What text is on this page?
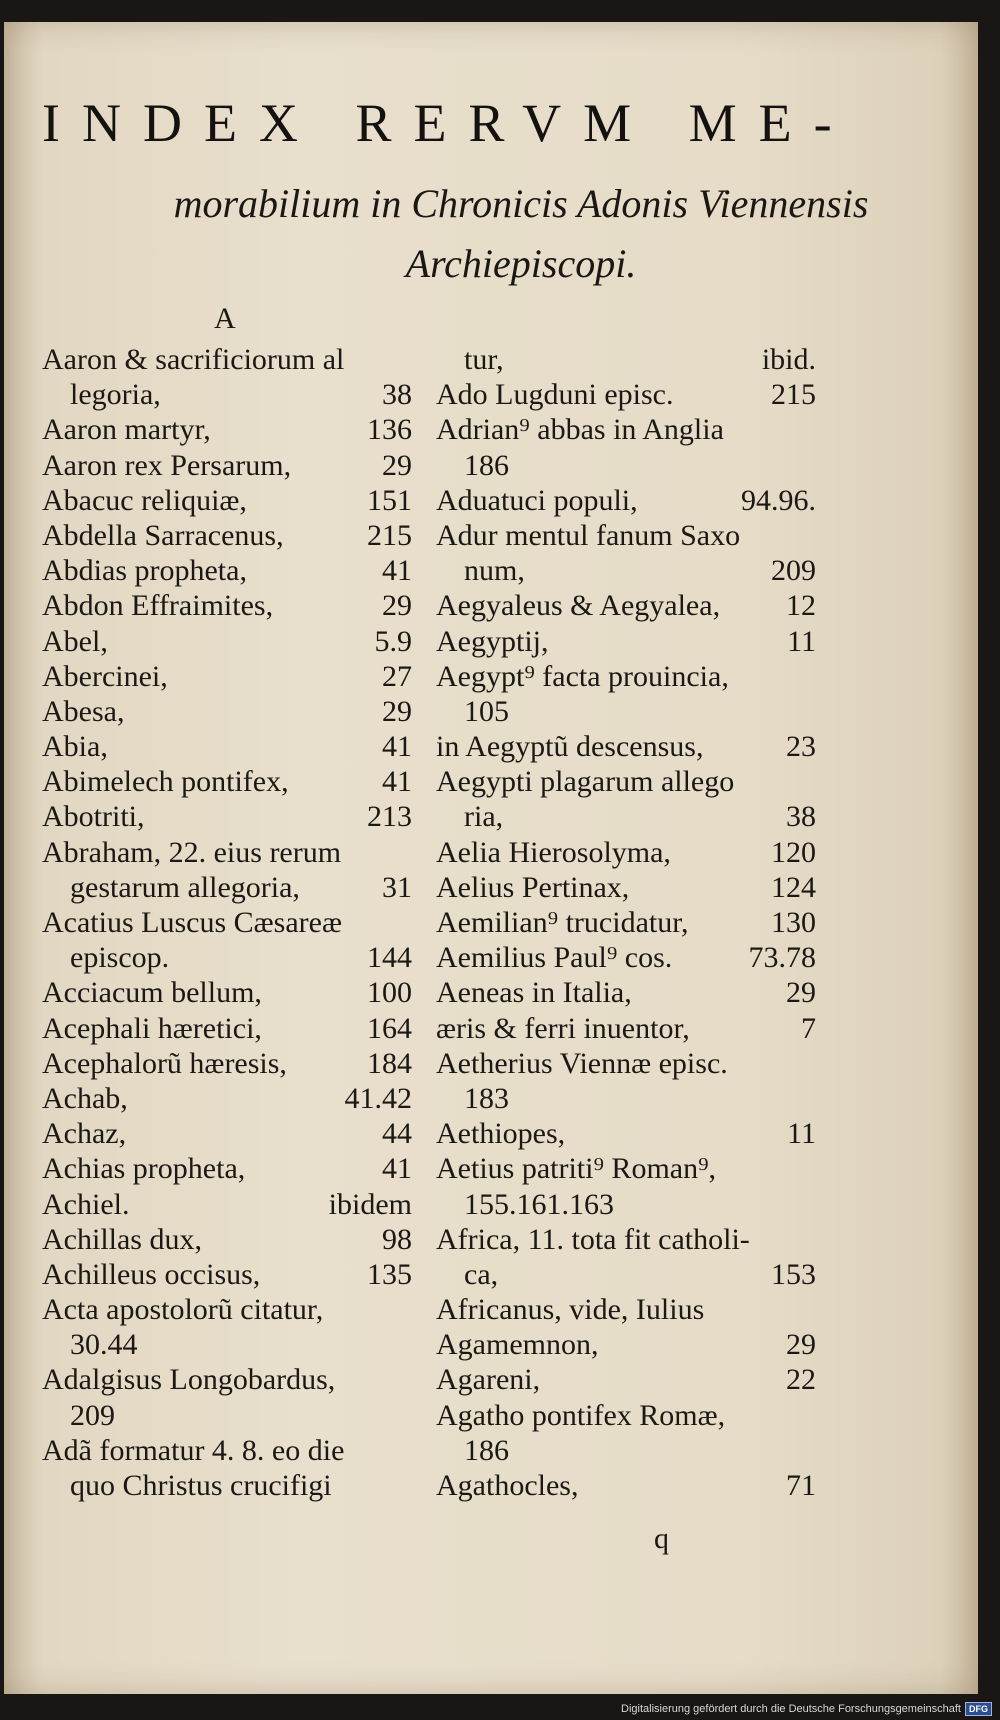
INDEX RERVM ME-
morabilium in Chronicis Adonis Viennensis Archiepiscopi.
A
Aaron & sacrificiorum al
legoria,	38
Aaron martyr,	136
Aaron rex Persarum,	29
Abacuc reliquiæ,	151
Abdella Sarracenus,	215
Abdias propheta,	41
Abdon Effraimites,	29
Abel,	5.9
Abercinei,	27
Abesa,	29
Abia,	41
Abimelech pontifex,	41
Abotriti,	213
Abraham, 22. eius rerum
gestarum allegoria,	31
Acatius Luscus Cæsareæ
episcop.	144
Acciacum bellum,	100
Acephali hæretici,	164
Acephalorũ hæresis,	184
Achab,	41.42
Achaz,	44
Achias propheta,	41
Achiel.	ibidem
Achillas dux,	98
Achilleus occisus,	135
Acta apostolorũ citatur,
30.44
Adalgisus Longobardus,
209
Adã formatur 4. 8. eo die
quo Christus crucifigi
tur,	ibid.
Ado Lugduni episc.	215
Adrian⁹ abbas in Anglia
186
Aduatuci populi,	94.96.
Adur mentul fanum Saxo
num,	209
Aegyaleus & Aegyalea,	12
Aegyptij,	11
Aegypt⁹ facta prouincia,
105
in Aegyptũ descensus,	23
Aegypti plagarum allego
ria,	38
Aelia Hierosolyma,	120
Aelius Pertinax,	124
Aemilian⁹ trucidatur,	130
Aemilius Paul⁹ cos.	73.78
Aeneas in Italia,	29
æris & ferri inuentor,	7
Aetherius Viennæ episc.
183
Aethiopes,	11
Aetius patriti⁹ Roman⁹,
155.161.163
Africa, 11. tota fit catholi-
ca,	153
Africanus, vide, Iulius
Agamemnon,	29
Agareni,	22
Agatho pontifex Romæ,
186
Agathocles,	71
q
Digitalisierung gefördert durch die Deutsche Forschungsgemeinschaft DFG
